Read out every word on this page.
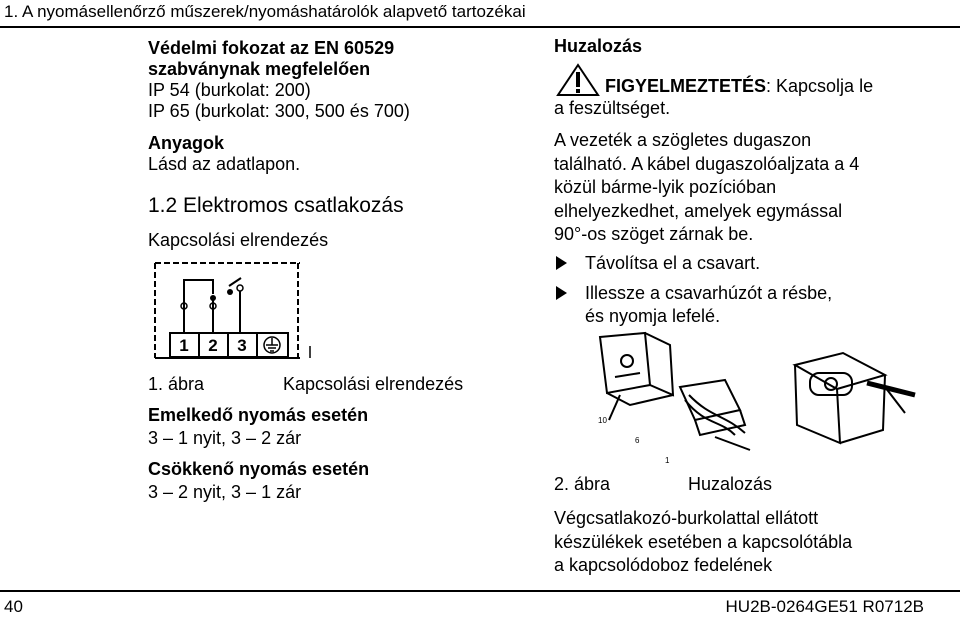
1. A nyomásellenőrző műszerek/nyomáshatárolók alapvető tartozékai
Védelmi fokozat az EN 60529
szabványnak megfelelően
IP 54 (burkolat: 200)
IP 65 (burkolat: 300, 500 és 700)
Anyagok
Lásd az adatlapon.
1.2 Elektromos csatlakozás
Kapcsolási elrendezés
1 2 3
1. ábra	Kapcsolási elrendezés
Emelkedő nyomás esetén
3 – 1 nyit, 3 – 2 zár
Csökkenő nyomás esetén
3 – 2 nyit, 3 – 1 zár
Huzalozás
FIGYELMEZTETÉS: Kapcsolja le
a feszültséget.
A vezeték a szögletes dugaszon
található. A kábel dugaszolóaljzata a 4
közül bárme-lyik pozícióban
elhelyezkedhet, amelyek egymással
90°-os szöget zárnak be.
Távolítsa el a csavart.
Illessze a csavarhúzót a résbe,
és nyomja lefelé.
10
6
1
2. ábra	Huzalozás
Végcsatlakozó-burkolattal ellátott
készülékek esetében a kapcsolótábla
a kapcsolódoboz fedelének
40	HU2B-0264GE51 R0712B
